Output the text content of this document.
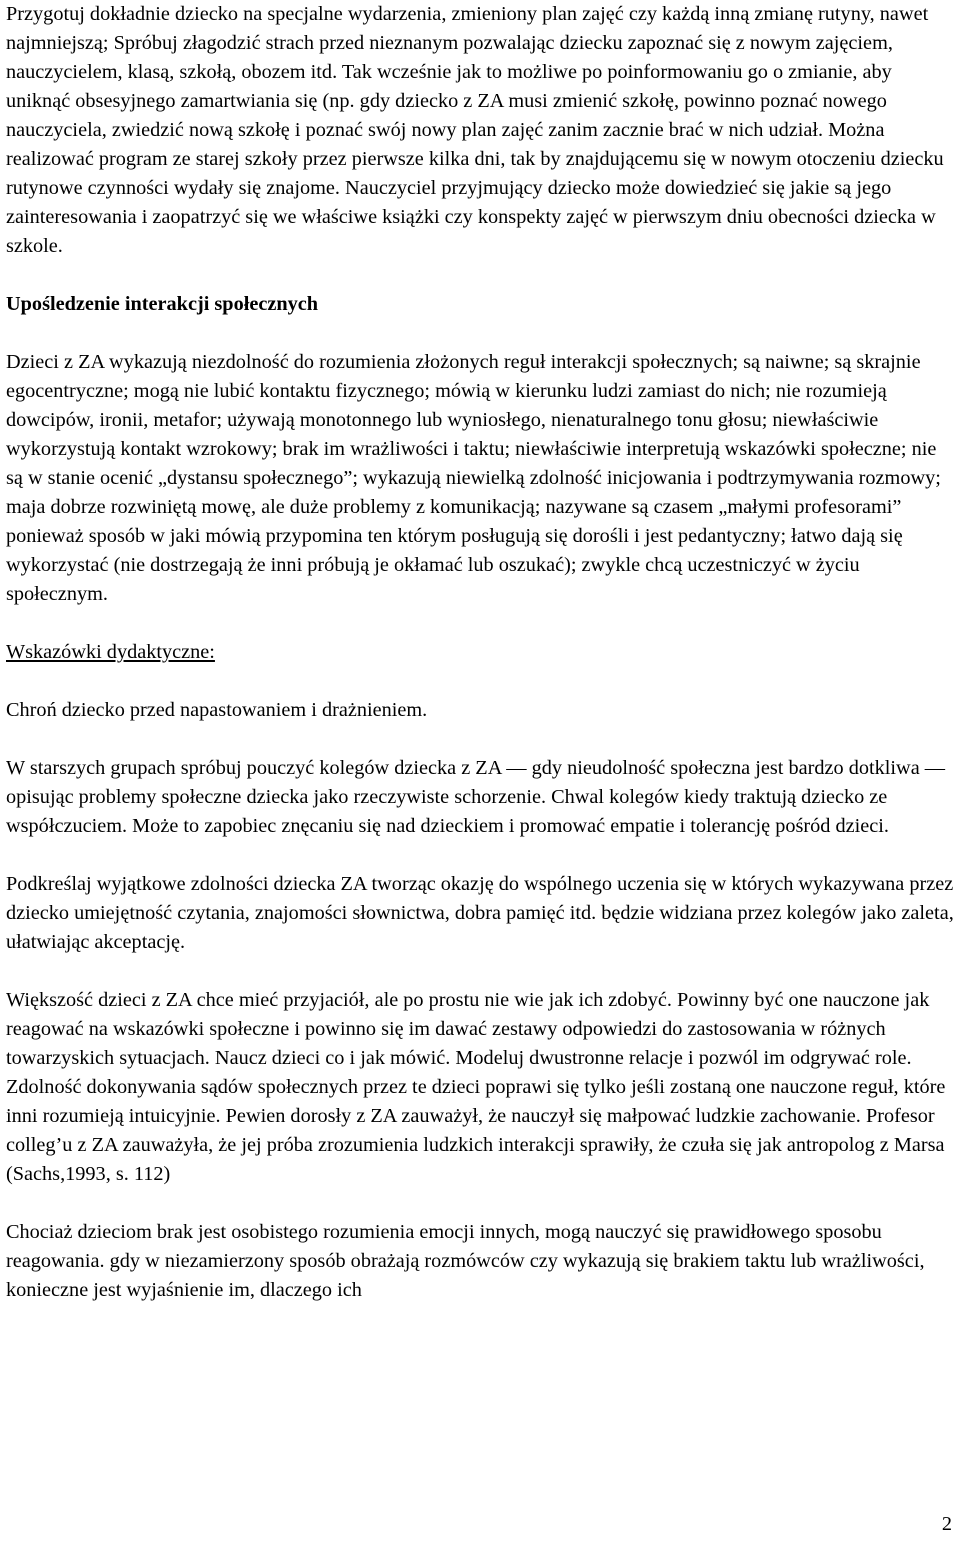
Przygotuj dokładnie dziecko na specjalne wydarzenia, zmieniony plan zajęć czy każdą inną zmianę rutyny, nawet najmniejszą; Spróbuj złagodzić strach przed nieznanym pozwalając dziecku zapoznać się z nowym zajęciem, nauczycielem, klasą, szkołą, obozem itd. Tak wcześnie jak to możliwe po poinformowaniu go o zmianie, aby uniknąć obsesyjnego zamartwiania się (np. gdy dziecko z ZA musi zmienić szkołę, powinno poznać nowego nauczyciela, zwiedzić nową szkołę i poznać swój nowy plan zajęć zanim zacznie brać w nich udział. Można realizować program ze starej szkoły przez pierwsze kilka dni, tak by znajdującemu się w nowym otoczeniu dziecku rutynowe czynności wydały się znajome. Nauczyciel przyjmujący dziecko może dowiedzieć się jakie są jego zainteresowania i zaopatrzyć się we właściwe książki czy konspekty zajęć w pierwszym dniu obecności dziecka w szkole.

Upośledzenie interakcji społecznych

Dzieci z ZA wykazują niezdolność do rozumienia złożonych reguł interakcji społecznych; są naiwne; są skrajnie egocentryczne; mogą nie lubić kontaktu fizycznego; mówią w kierunku ludzi zamiast do nich; nie rozumieją dowcipów, ironii, metafor; używają monotonnego lub wyniosłego, nienaturalnego tonu głosu; niewłaściwie wykorzystują kontakt wzrokowy; brak im wrażliwości i taktu; niewłaściwie interpretują wskazówki społeczne; nie są w stanie ocenić „dystansu społecznego”; wykazują niewielką zdolność inicjowania i podtrzymywania rozmowy; maja dobrze rozwiniętą mowę, ale duże problemy z komunikacją; nazywane są czasem „małymi profesorami” ponieważ sposób w jaki mówią przypomina ten którym posługują się dorośli i jest pedantyczny; łatwo dają się wykorzystać (nie dostrzegają że inni próbują je okłamać lub oszukać); zwykle chcą uczestniczyć w życiu społecznym.

Wskazówki dydaktyczne:

Chroń dziecko przed napastowaniem i drażnieniem.

W starszych grupach spróbuj pouczyć kolegów dziecka z ZA — gdy nieudolność społeczna jest bardzo dotkliwa — opisując problemy społeczne dziecka jako rzeczywiste schorzenie. Chwal kolegów kiedy traktują dziecko ze współczuciem. Może to zapobiec znęcaniu się nad dzieckiem i promować empatie i tolerancję pośród dzieci.

Podkreślaj wyjątkowe zdolności dziecka ZA tworząc okazję do wspólnego uczenia się w których wykazywana przez dziecko umiejętność czytania, znajomości słownictwa, dobra pamięć itd. będzie widziana przez kolegów jako zaleta, ułatwiając akceptację.

Większość dzieci z ZA chce mieć przyjaciół, ale po prostu nie wie jak ich zdobyć. Powinny być one nauczone jak reagować na wskazówki społeczne i powinno się im dawać zestawy odpowiedzi do zastosowania w różnych towarzyskich sytuacjach. Naucz dzieci co i jak mówić. Modeluj dwustronne relacje i pozwól im odgrywać role. Zdolność dokonywania sądów społecznych przez te dzieci poprawi się tylko jeśli zostaną one nauczone reguł, które inni rozumieją intuicyjnie. Pewien dorosły z ZA zauważył, że nauczył się małpować ludzkie zachowanie. Profesor colleg’u z ZA zauważyła, że jej próba zrozumienia ludzkich interakcji sprawiły, że czuła się jak antropolog z Marsa (Sachs,1993, s. 112)

Chociaż dzieciom brak jest osobistego rozumienia emocji innych, mogą nauczyć się prawidłowego sposobu reagowania. gdy w niezamierzony sposób obrażają rozmówców czy wykazują się brakiem taktu lub wrażliwości, konieczne jest wyjaśnienie im, dlaczego ich

2
